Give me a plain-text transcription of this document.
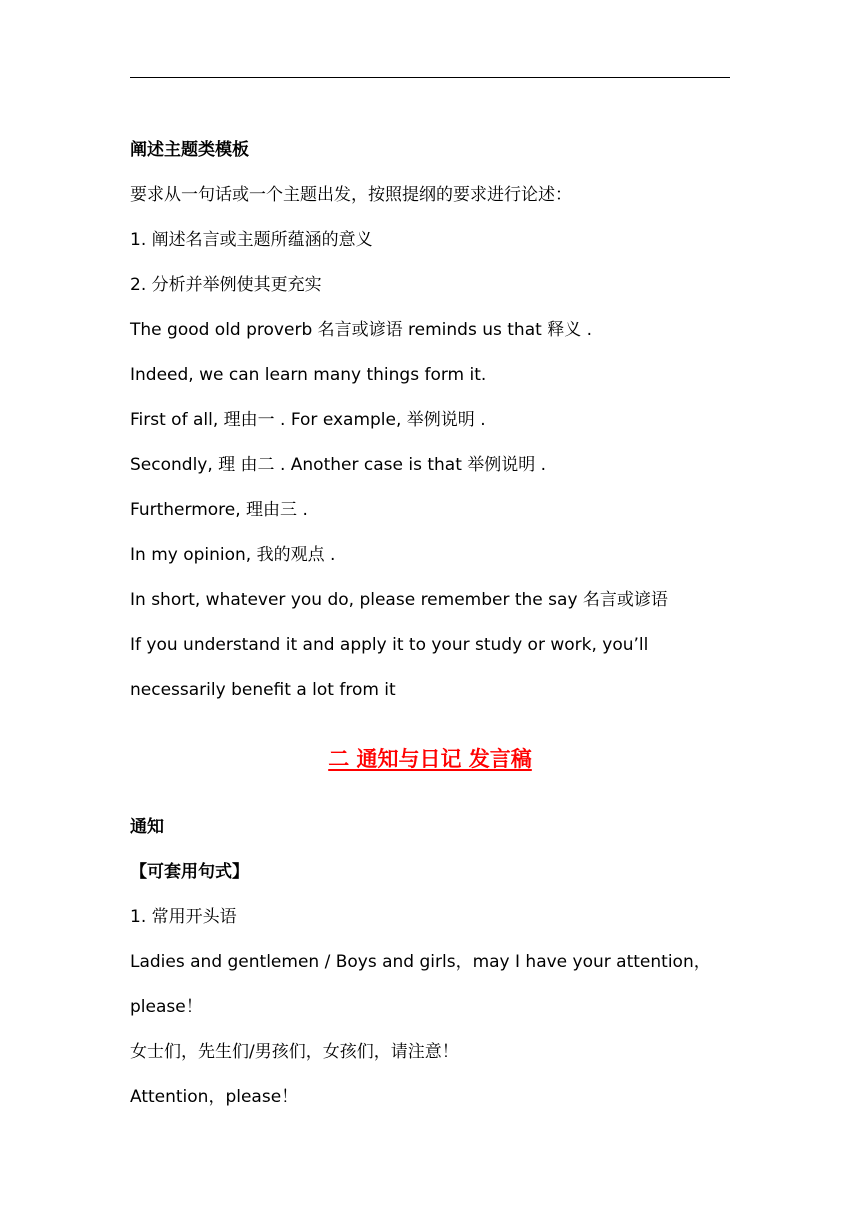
阐述主题类模板
要求从一句话或一个主题出发，按照提纲的要求进行论述：
1. 阐述名言或主题所蕴涵的意义
2. 分析并举例使其更充实
The good old proverb 名言或谚语 reminds us that 释义 .
Indeed, we can learn many things form it.
First of all, 理由一 . For example, 举例说明 .
Secondly, 理 由二 . Another case is that 举例说明 .
Furthermore, 理由三 .
In my opinion, 我的观点 .
In short, whatever you do, please remember the say 名言或谚语
If you understand it and apply it to your study or work, you’ll
necessarily benefit a lot from it
二 通知与日记 发言稿
通知
【可套用句式】
1. 常用开头语
Ladies and gentlemen / Boys and girls，may I have your attention，
please！
女士们，先生们/男孩们，女孩们，请注意！
Attention，please！
